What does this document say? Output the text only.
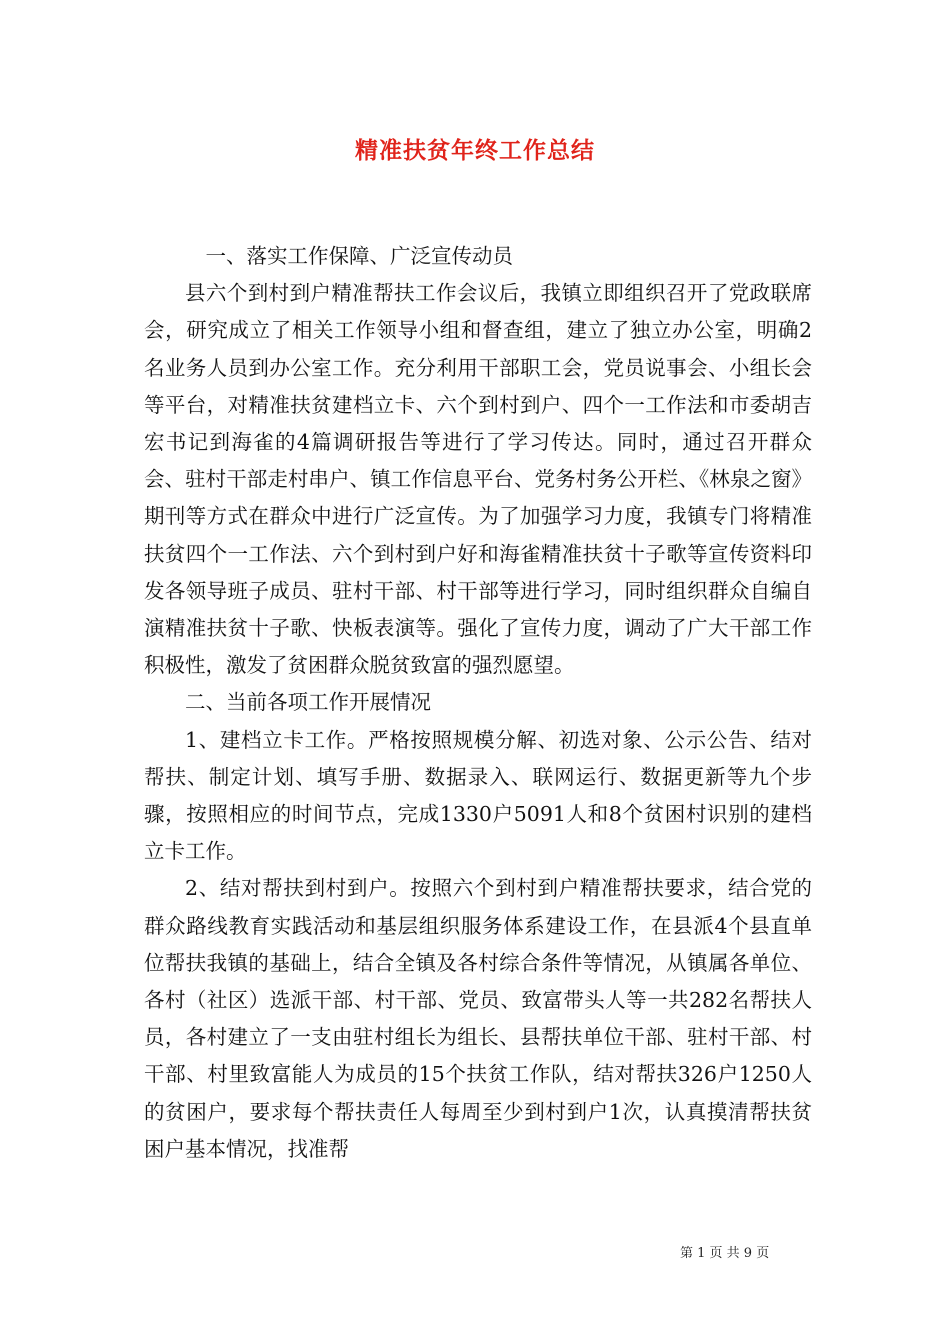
精准扶贫年终工作总结

一、落实工作保障、广泛宣传动员

县六个到村到户精准帮扶工作会议后，我镇立即组织召开了党政联席会，研究成立了相关工作领导小组和督查组，建立了独立办公室，明确2名业务人员到办公室工作。充分利用干部职工会，党员说事会、小组长会等平台，对精准扶贫建档立卡、六个到村到户、四个一工作法和市委胡吉宏书记到海雀的4篇调研报告等进行了学习传达。同时，通过召开群众会、驻村干部走村串户、镇工作信息平台、党务村务公开栏、《林泉之窗》期刊等方式在群众中进行广泛宣传。为了加强学习力度，我镇专门将精准扶贫四个一工作法、六个到村到户好和海雀精准扶贫十子歌等宣传资料印发各领导班子成员、驻村干部、村干部等进行学习，同时组织群众自编自演精准扶贫十子歌、快板表演等。强化了宣传力度，调动了广大干部工作积极性，激发了贫困群众脱贫致富的强烈愿望。

二、当前各项工作开展情况

1、建档立卡工作。严格按照规模分解、初选对象、公示公告、结对帮扶、制定计划、填写手册、数据录入、联网运行、数据更新等九个步骤，按照相应的时间节点，完成1330户5091人和8个贫困村识别的建档立卡工作。

2、结对帮扶到村到户。按照六个到村到户精准帮扶要求，结合党的群众路线教育实践活动和基层组织服务体系建设工作，在县派4个县直单位帮扶我镇的基础上，结合全镇及各村综合条件等情况，从镇属各单位、各村（社区）选派干部、村干部、党员、致富带头人等一共282名帮扶人员，各村建立了一支由驻村组长为组长、县帮扶单位干部、驻村干部、村干部、村里致富能人为成员的15个扶贫工作队，结对帮扶326户1250人的贫困户，要求每个帮扶责任人每周至少到村到户1次，认真摸清帮扶贫困户基本情况，找准帮

第 1 页 共 9 页
